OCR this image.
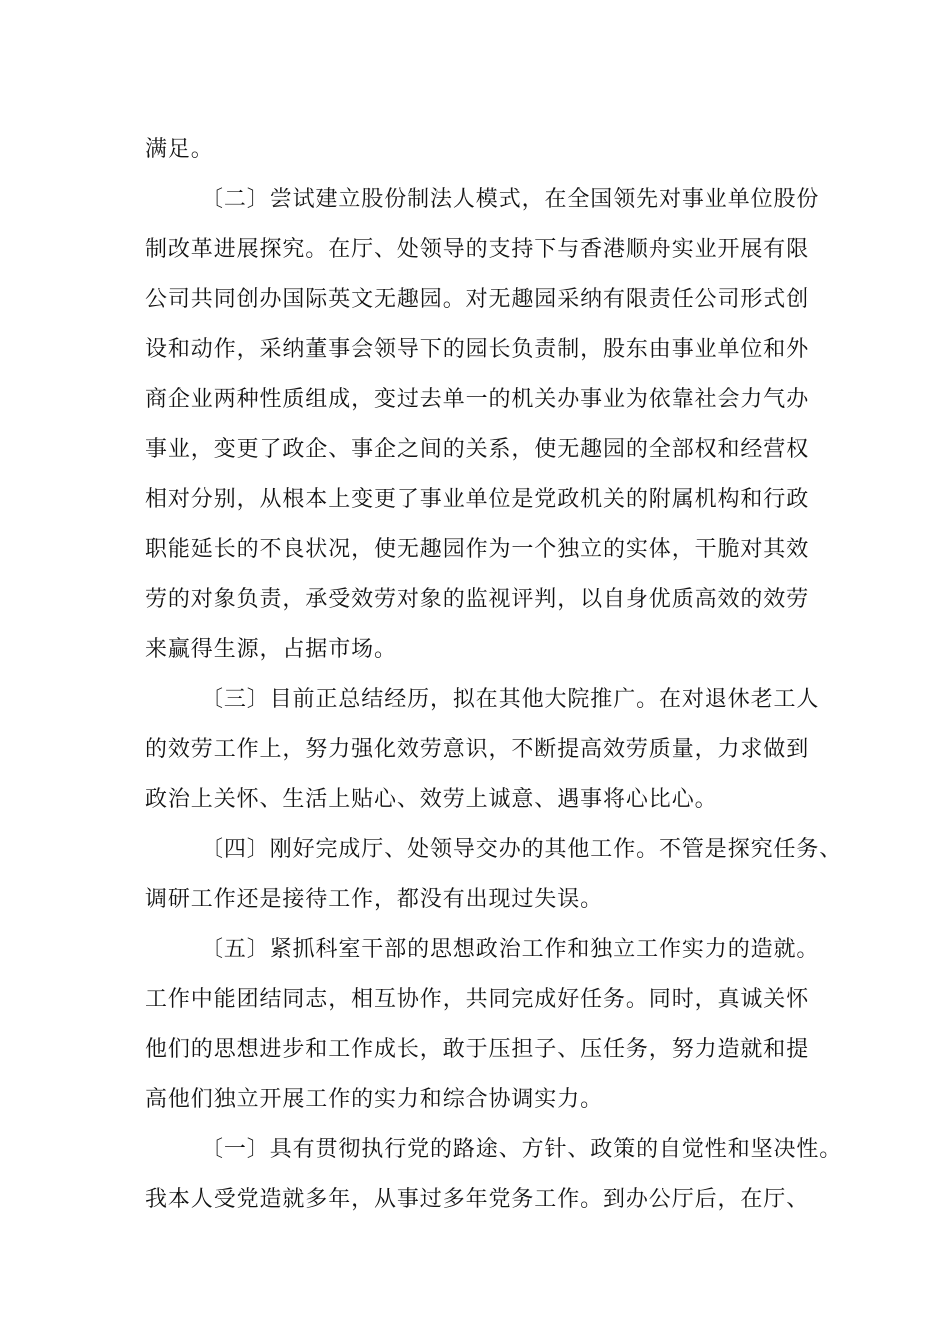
满足。
〔二〕尝试建立股份制法人模式，在全国领先对事业单位股份
制改革进展探究。在厅、处领导的支持下与香港顺舟实业开展有限
公司共同创办国际英文无趣园。对无趣园采纳有限责任公司形式创
设和动作，采纳董事会领导下的园长负责制，股东由事业单位和外
商企业两种性质组成，变过去单一的机关办事业为依靠社会力气办
事业，变更了政企、事企之间的关系，使无趣园的全部权和经营权
相对分别，从根本上变更了事业单位是党政机关的附属机构和行政
职能延长的不良状况，使无趣园作为一个独立的实体，干脆对其效
劳的对象负责，承受效劳对象的监视评判，以自身优质高效的效劳
来赢得生源，占据市场。
〔三〕目前正总结经历，拟在其他大院推广。在对退休老工人
的效劳工作上，努力强化效劳意识，不断提高效劳质量，力求做到
政治上关怀、生活上贴心、效劳上诚意、遇事将心比心。
〔四〕刚好完成厅、处领导交办的其他工作。不管是探究任务、
调研工作还是接待工作，都没有出现过失误。
〔五〕紧抓科室干部的思想政治工作和独立工作实力的造就。
工作中能团结同志，相互协作，共同完成好任务。同时，真诚关怀
他们的思想进步和工作成长，敢于压担子、压任务，努力造就和提
高他们独立开展工作的实力和综合协调实力。
〔一〕具有贯彻执行党的路途、方针、政策的自觉性和坚决性。
我本人受党造就多年，从事过多年党务工作。到办公厅后，在厅、
